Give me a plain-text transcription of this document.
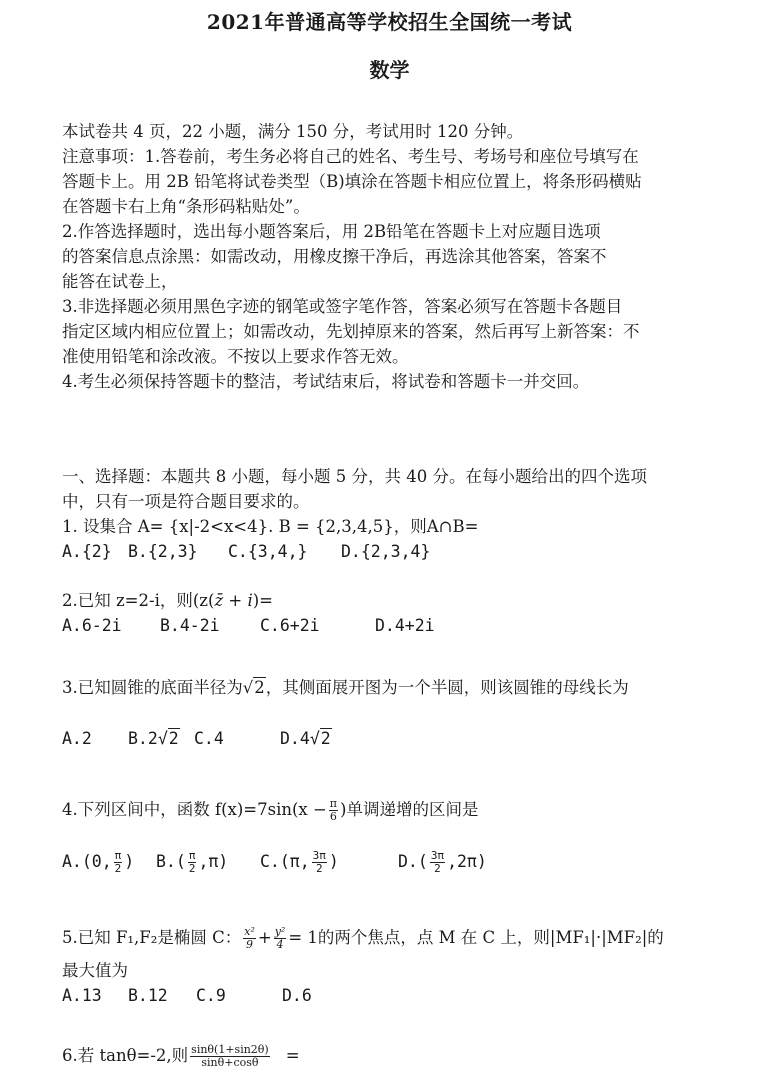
2021年普通高等学校招生全国统一考试
数学
本试卷共 4 页，22 小题，满分 150 分，考试用时 120 分钟。
注意事项：1.答卷前，考生务必将自己的姓名、考生号、考场号和座位号填写在
答题卡上。用 2B 铅笔将试卷类型（B)填涂在答题卡相应位置上，将条形码横贴
在答题卡右上角“条形码粘贴处”。
2.作答选择题时，选出每小题答案后，用 2B铅笔在答题卡上对应题目选项
的答案信息点涂黑：如需改动，用橡皮擦干净后，再选涂其他答案，答案不
能答在试卷上，
3.非选择题必须用黑色字迹的钢笔或签字笔作答，答案必须写在答题卡各题目
指定区域内相应位置上；如需改动，先划掉原来的答案，然后再写上新答案：不
准使用铅笔和涂改液。不按以上要求作答无效。
4.考生必须保持答题卡的整洁，考试结束后，将试卷和答题卡一并交回。
一、选择题：本题共 8 小题，每小题 5 分，共 40 分。在每小题给出的四个选项
中，只有一项是符合题目要求的。
1. 设集合 A= {x|-2<x<4}. B = {2,3,4,5}，则A∩B=
A.{2} B.{2,3} C.{3,4,} D.{2,3,4}
2.已知 z=2-i，则(z(z̄ + i)=
A.6-2i B.4-2i C.6+2i	D.4+2i
3.已知圆锥的底面半径为√2，其侧面展开图为一个半圆，则该圆锥的母线长为
A.2 B.2√2 C.4	D.4√2
4.下列区间中，函数 $f(x)=7\sin(x - \frac{\pi}{6}$ )单调递增的区间是
A.(0, $\frac{\pi}{2}$ ) $B.( \frac{\pi}{2} ,\pi)$ C.(π, $\frac{3\pi}{2}$ )	$D.( \frac{3\pi}{2} ,2\pi)$
5.已知 F₁,F₂是椭圆 C： $\frac{\text{x²}}{9} + \frac{\text{y²}}{4} = 1$的两个焦点，点 M 在 C 上，则|MF₁|·|MF₂|的
最大值为
A.13 B.12 C.9	D.6
6.若 tanθ=-2,则 $\frac{\sin\theta(1+\sin 2\theta)}{\sin\theta+\cos\theta}$ =
